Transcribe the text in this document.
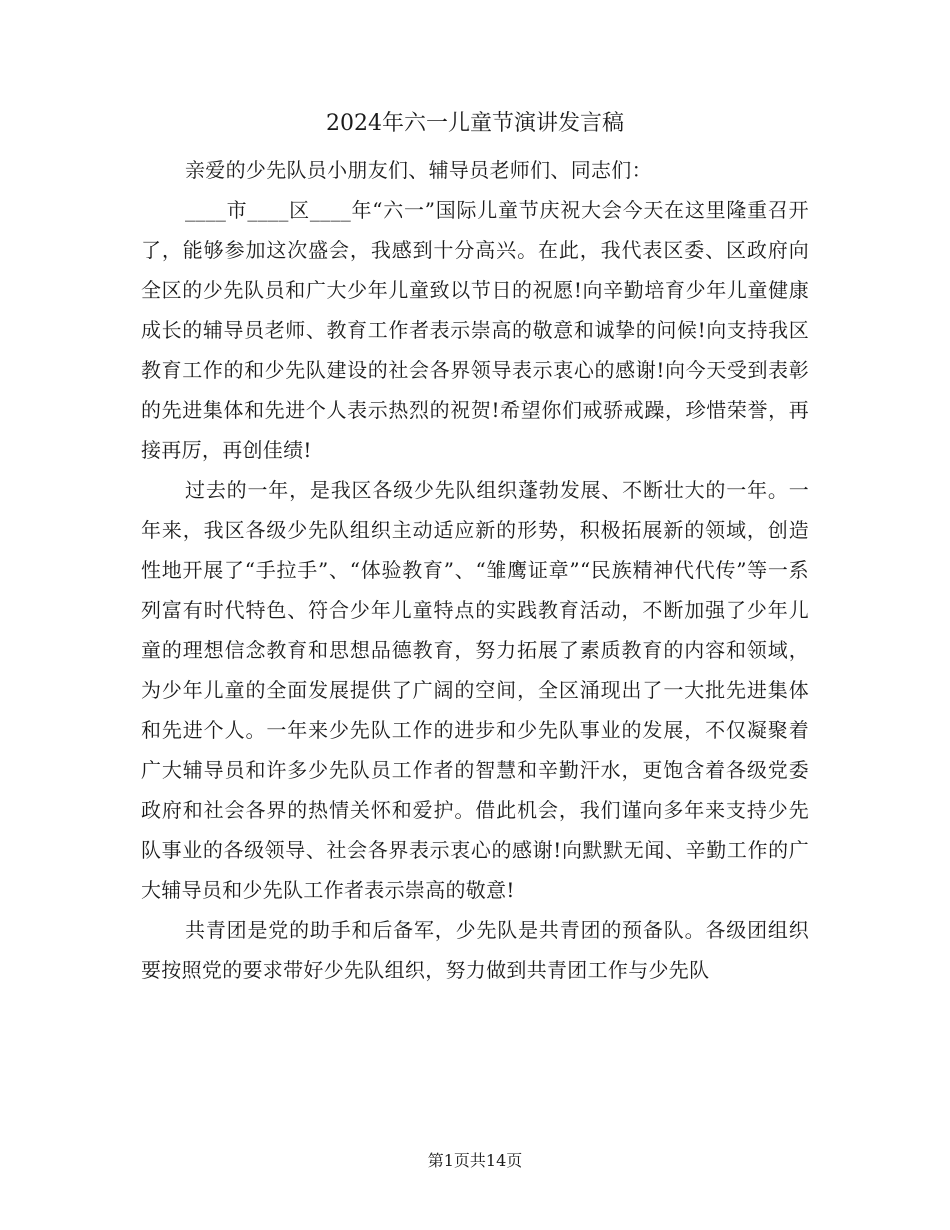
2024年六一儿童节演讲发言稿

亲爱的少先队员小朋友们、辅导员老师们、同志们：

____市____区____年“六一”国际儿童节庆祝大会今天在这里隆重召开了，能够参加这次盛会，我感到十分高兴。在此，我代表区委、区政府向全区的少先队员和广大少年儿童致以节日的祝愿!向辛勤培育少年儿童健康成长的辅导员老师、教育工作者表示崇高的敬意和诚挚的问候!向支持我区教育工作的和少先队建设的社会各界领导表示衷心的感谢!向今天受到表彰的先进集体和先进个人表示热烈的祝贺!希望你们戒骄戒躁，珍惜荣誉，再接再厉，再创佳绩!

过去的一年，是我区各级少先队组织蓬勃发展、不断壮大的一年。一年来，我区各级少先队组织主动适应新的形势，积极拓展新的领域，创造性地开展了“手拉手”、“体验教育”、“雏鹰证章”“民族精神代代传”等一系列富有时代特色、符合少年儿童特点的实践教育活动，不断加强了少年儿童的理想信念教育和思想品德教育，努力拓展了素质教育的内容和领域，为少年儿童的全面发展提供了广阔的空间，全区涌现出了一大批先进集体和先进个人。一年来少先队工作的进步和少先队事业的发展，不仅凝聚着广大辅导员和许多少先队员工作者的智慧和辛勤汗水，更饱含着各级党委政府和社会各界的热情关怀和爱护。借此机会，我们谨向多年来支持少先队事业的各级领导、社会各界表示衷心的感谢!向默默无闻、辛勤工作的广大辅导员和少先队工作者表示崇高的敬意!

共青团是党的助手和后备军，少先队是共青团的预备队。各级团组织要按照党的要求带好少先队组织，努力做到共青团工作与少先队

第1页共14页
